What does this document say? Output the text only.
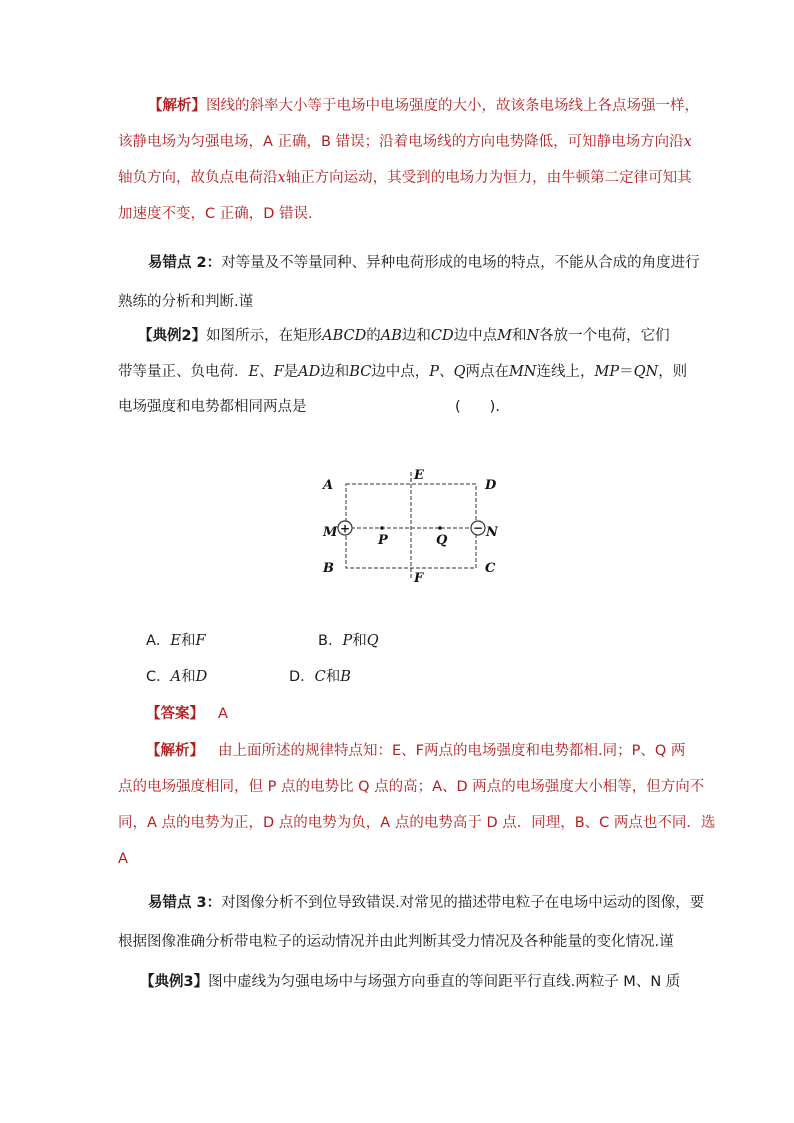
【解析】图线的斜率大小等于电场中电场强度的大小，故该条电场线上各点场强一样，
该静电场为匀强电场，A 正确，B 错误；沿着电场线的方向电势降低，可知静电场方向沿x
轴负方向，故负点电荷沿x轴正方向运动，其受到的电场力为恒力，由牛顿第二定律可知其
加速度不变，C 正确，D 错误.
易错点 2：对等量及不等量同种、异种电荷形成的电场的特点，不能从合成的角度进行
熟练的分析和判断.谨
【典例2】如图所示，在矩形ABCD的AB边和CD边中点M和N各放一个电荷，它们
带等量正、负电荷．E、F是AD边和BC边中点，P、Q两点在MN连线上，MP＝QN，则
电场强度和电势都相同两点是	(　　).
+	−
A	D
E
M
P	Q
N
B
F
C
A．E和F	B．P和Q
C．A和D	D．C和B
【答案】 A
【解析】 由上面所述的规律特点知：E、F两点的电场强度和电势都相.同；P、Q 两
点的电场强度相同，但 P 点的电势比 Q 点的高；A、D 两点的电场强度大小相等，但方向不
同，A 点的电势为正，D 点的电势为负，A 点的电势高于 D 点．同理，B、C 两点也不同．选
A
易错点 3：对图像分析不到位导致错误.对常见的描述带电粒子在电场中运动的图像，要
根据图像准确分析带电粒子的运动情况并由此判断其受力情况及各种能量的变化情况.谨
【典例3】图中虚线为匀强电场中与场强方向垂直的等间距平行直线.两粒子 M、N 质
